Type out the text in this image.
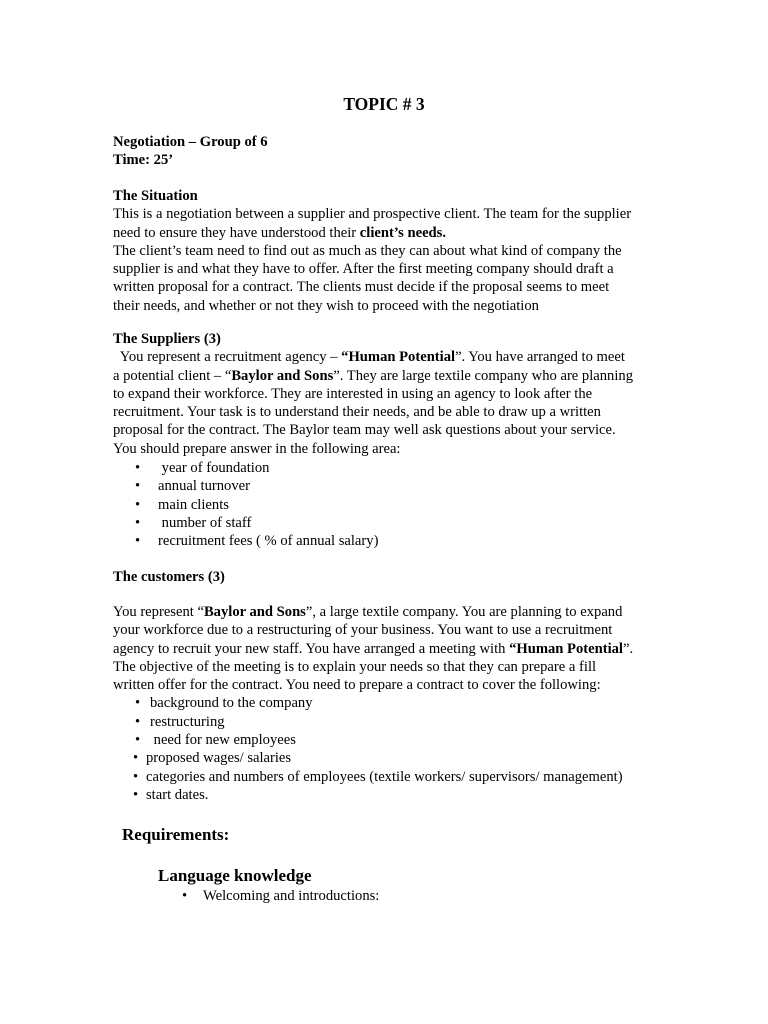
TOPIC # 3
Negotiation – Group of 6
Time: 25’
The Situation
This is a negotiation between a supplier and prospective client. The team for the supplier
need to ensure they have understood their client’s needs.
The client’s team need to find out as much as they can about what kind of company the
supplier is and what they have to offer. After the first meeting company should draft a
written proposal for a contract. The clients must decide if the proposal seems to meet
their needs, and whether or not they wish to proceed with the negotiation
The Suppliers (3)
You represent a recruitment agency – “Human Potential”. You have arranged to meet
a potential client – “Baylor and Sons”. They are large textile company who are planning
to expand their workforce. They are interested in using an agency to look after the
recruitment. Your task is to understand their needs, and be able to draw up a written
proposal for the contract. The Baylor team may well ask questions about your service.
You should prepare answer in the following area:
• year of foundation
• annual turnover
• main clients
• number of staff
• recruitment fees ( % of annual salary)
The customers (3)
You represent “Baylor and Sons”, a large textile company. You are planning to expand
your workforce due to a restructuring of your business. You want to use a recruitment
agency to recruit your new staff. You have arranged a meeting with “Human Potential”.
The objective of the meeting is to explain your needs so that they can prepare a fill
written offer for the contract. You need to prepare a contract to cover the following:
• background to the company
• restructuring
• need for new employees
• proposed wages/ salaries
• categories and numbers of employees (textile workers/ supervisors/ management)
• start dates.
Requirements:
Language knowledge
• Welcoming and introductions:
